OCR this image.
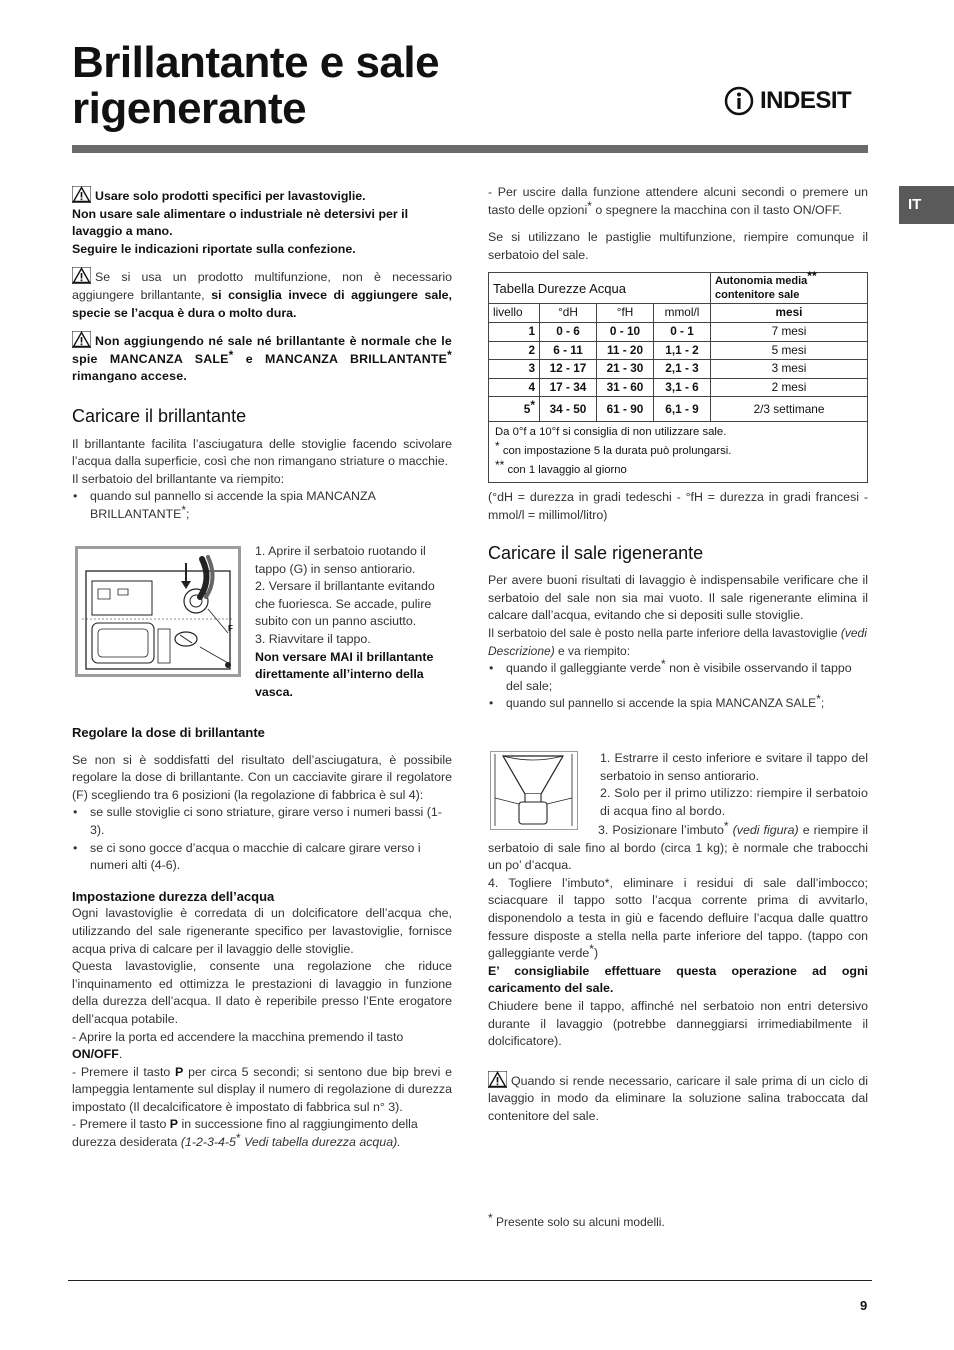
Brillantante e sale
rigenerante	INDESIT
IT

Usare solo prodotti specifici per lavastoviglie.
Non usare sale alimentare o industriale nè detersivi per il lavaggio a mano.
Seguire le indicazioni riportate sulla confezione.

Se si usa un prodotto multifunzione, non è necessario aggiungere brillantante, si consiglia invece di aggiungere sale, specie se l’acqua è dura o molto dura.

Non aggiungendo né sale né brillantante è normale che le spie MANCANZA SALE* e MANCANZA BRILLANTANTE* rimangano accese.

Caricare il brillantante

Il brillantante facilita l’asciugatura delle stoviglie facendo scivolare l’acqua dalla superficie, così che non rimangano striature o macchie.

Il serbatoio del brillantante va riempito:

• quando sul pannello si accende la spia MANCANZA BRILLANTANTE*;
F

1. Aprire il serbatoio ruotando il tappo (G) in senso antiorario.

2. Versare il brillantante evitando che fuoriesca. Se accade, pulire subito con un panno asciutto.

3. Riavvitare il tappo.

Non versare MAI il brillantante direttamente all’interno della vasca.

Regolare la dose di brillantante

Se non si è soddisfatti del risultato dell’asciugatura, è possibile regolare la dose di brillantante. Con un cacciavite girare il regolatore (F) scegliendo tra 6 posizioni (la regolazione di fabbrica è sul 4):

• se sulle stoviglie ci sono striature, girare verso i numeri bassi (1-3).
• se ci sono gocce d’acqua o macchie di calcare girare verso i numeri alti (4-6).
Impostazione durezza dell’acqua

Ogni lavastoviglie è corredata di un dolcificatore dell’acqua che, utilizzando del sale rigenerante specifico per lavastoviglie, fornisce acqua priva di calcare per il lavaggio delle stoviglie.

Questa lavastoviglie, consente una regolazione che riduce l’inquinamento ed ottimizza le prestazioni di lavaggio in funzione della durezza dell’acqua. Il dato è reperibile presso l’Ente erogatore dell’acqua potabile.

- Aprire la porta ed accendere la macchina premendo il tasto ON/OFF.

- Premere il tasto P per circa 5 secondi; si sentono due bip brevi e lampeggia lentamente sul display il numero di regolazione di durezza impostato (Il decalcificatore è impostato di fabbrica sul n° 3).

- Premere il tasto P in successione fino al raggiungimento della durezza desiderata (1-2-3-4-5* Vedi tabella durezza acqua).

- Per uscire dalla funzione attendere alcuni secondi o premere un tasto delle opzioni* o spegnere la macchina con il tasto ON/OFF.

Se si utilizzano le pastiglie multifunzione, riempire comunque il serbatoio del sale.

Tabella Durezze Acqua				Autonomia media**
contenitore sale
livello	°dH	°fH	mmol/l	mesi
1	0 - 6	0 - 10	0 - 1	7 mesi
2	6 - 11	11 - 20	1,1 - 2	5 mesi
3	12 - 17	21 - 30	2,1 - 3	3 mesi
4	17 - 34	31 - 60	3,1 - 6	2 mesi
5*	34 - 50	61 - 90	6,1 - 9	2/3 settimane

Da 0°f a 10°f si consiglia di non utilizzare sale.
* con impostazione 5 la durata può prolungarsi.
** con 1 lavaggio al giorno				

(°dH = durezza in gradi tedeschi - °fH = durezza in gradi francesi - mmol/l = millimol/litro)

Caricare il sale rigenerante

Per avere buoni risultati di lavaggio è indispensabile verificare che il serbatoio del sale non sia mai vuoto. Il sale rigenerante elimina il calcare dall’acqua, evitando che si depositi sulle stoviglie.

Il serbatoio del sale è posto nella parte inferiore della lavastoviglie (vedi Descrizione) e va riempito:

• quando il galleggiante verde* non è visibile osservando il tappo del sale;
• quando sul pannello si accende la spia MANCANZA SALE*;

1. Estrarre il cesto inferiore e svitare il tappo del serbatoio in senso antiorario.

2. Solo per il primo utilizzo: riempire il serbatoio di acqua fino al bordo.

3. Posizionare l’imbuto* (vedi figura) e riempire il serbatoio di sale fino al bordo (circa 1 kg); è normale che trabocchi un po’ d’acqua.

4. Togliere l’imbuto*, eliminare i residui di sale dall’imbocco; sciacquare il tappo sotto l’acqua corrente prima di avvitarlo, disponendolo a testa in giù e facendo defluire l’acqua dalle quattro fessure disposte a stella nella parte inferiore del tappo. (tappo con galleggiante verde*)

E’ consigliabile effettuare questa operazione ad ogni caricamento del sale.

Chiudere bene il tappo, affinché nel serbatoio non entri detersivo durante il lavaggio (potrebbe danneggiarsi irrimediabilmente il dolcificatore).

Quando si rende necessario, caricare il sale prima di un ciclo di lavaggio in modo da eliminare la soluzione salina traboccata dal contenitore del sale.

* Presente solo su alcuni modelli.
9
